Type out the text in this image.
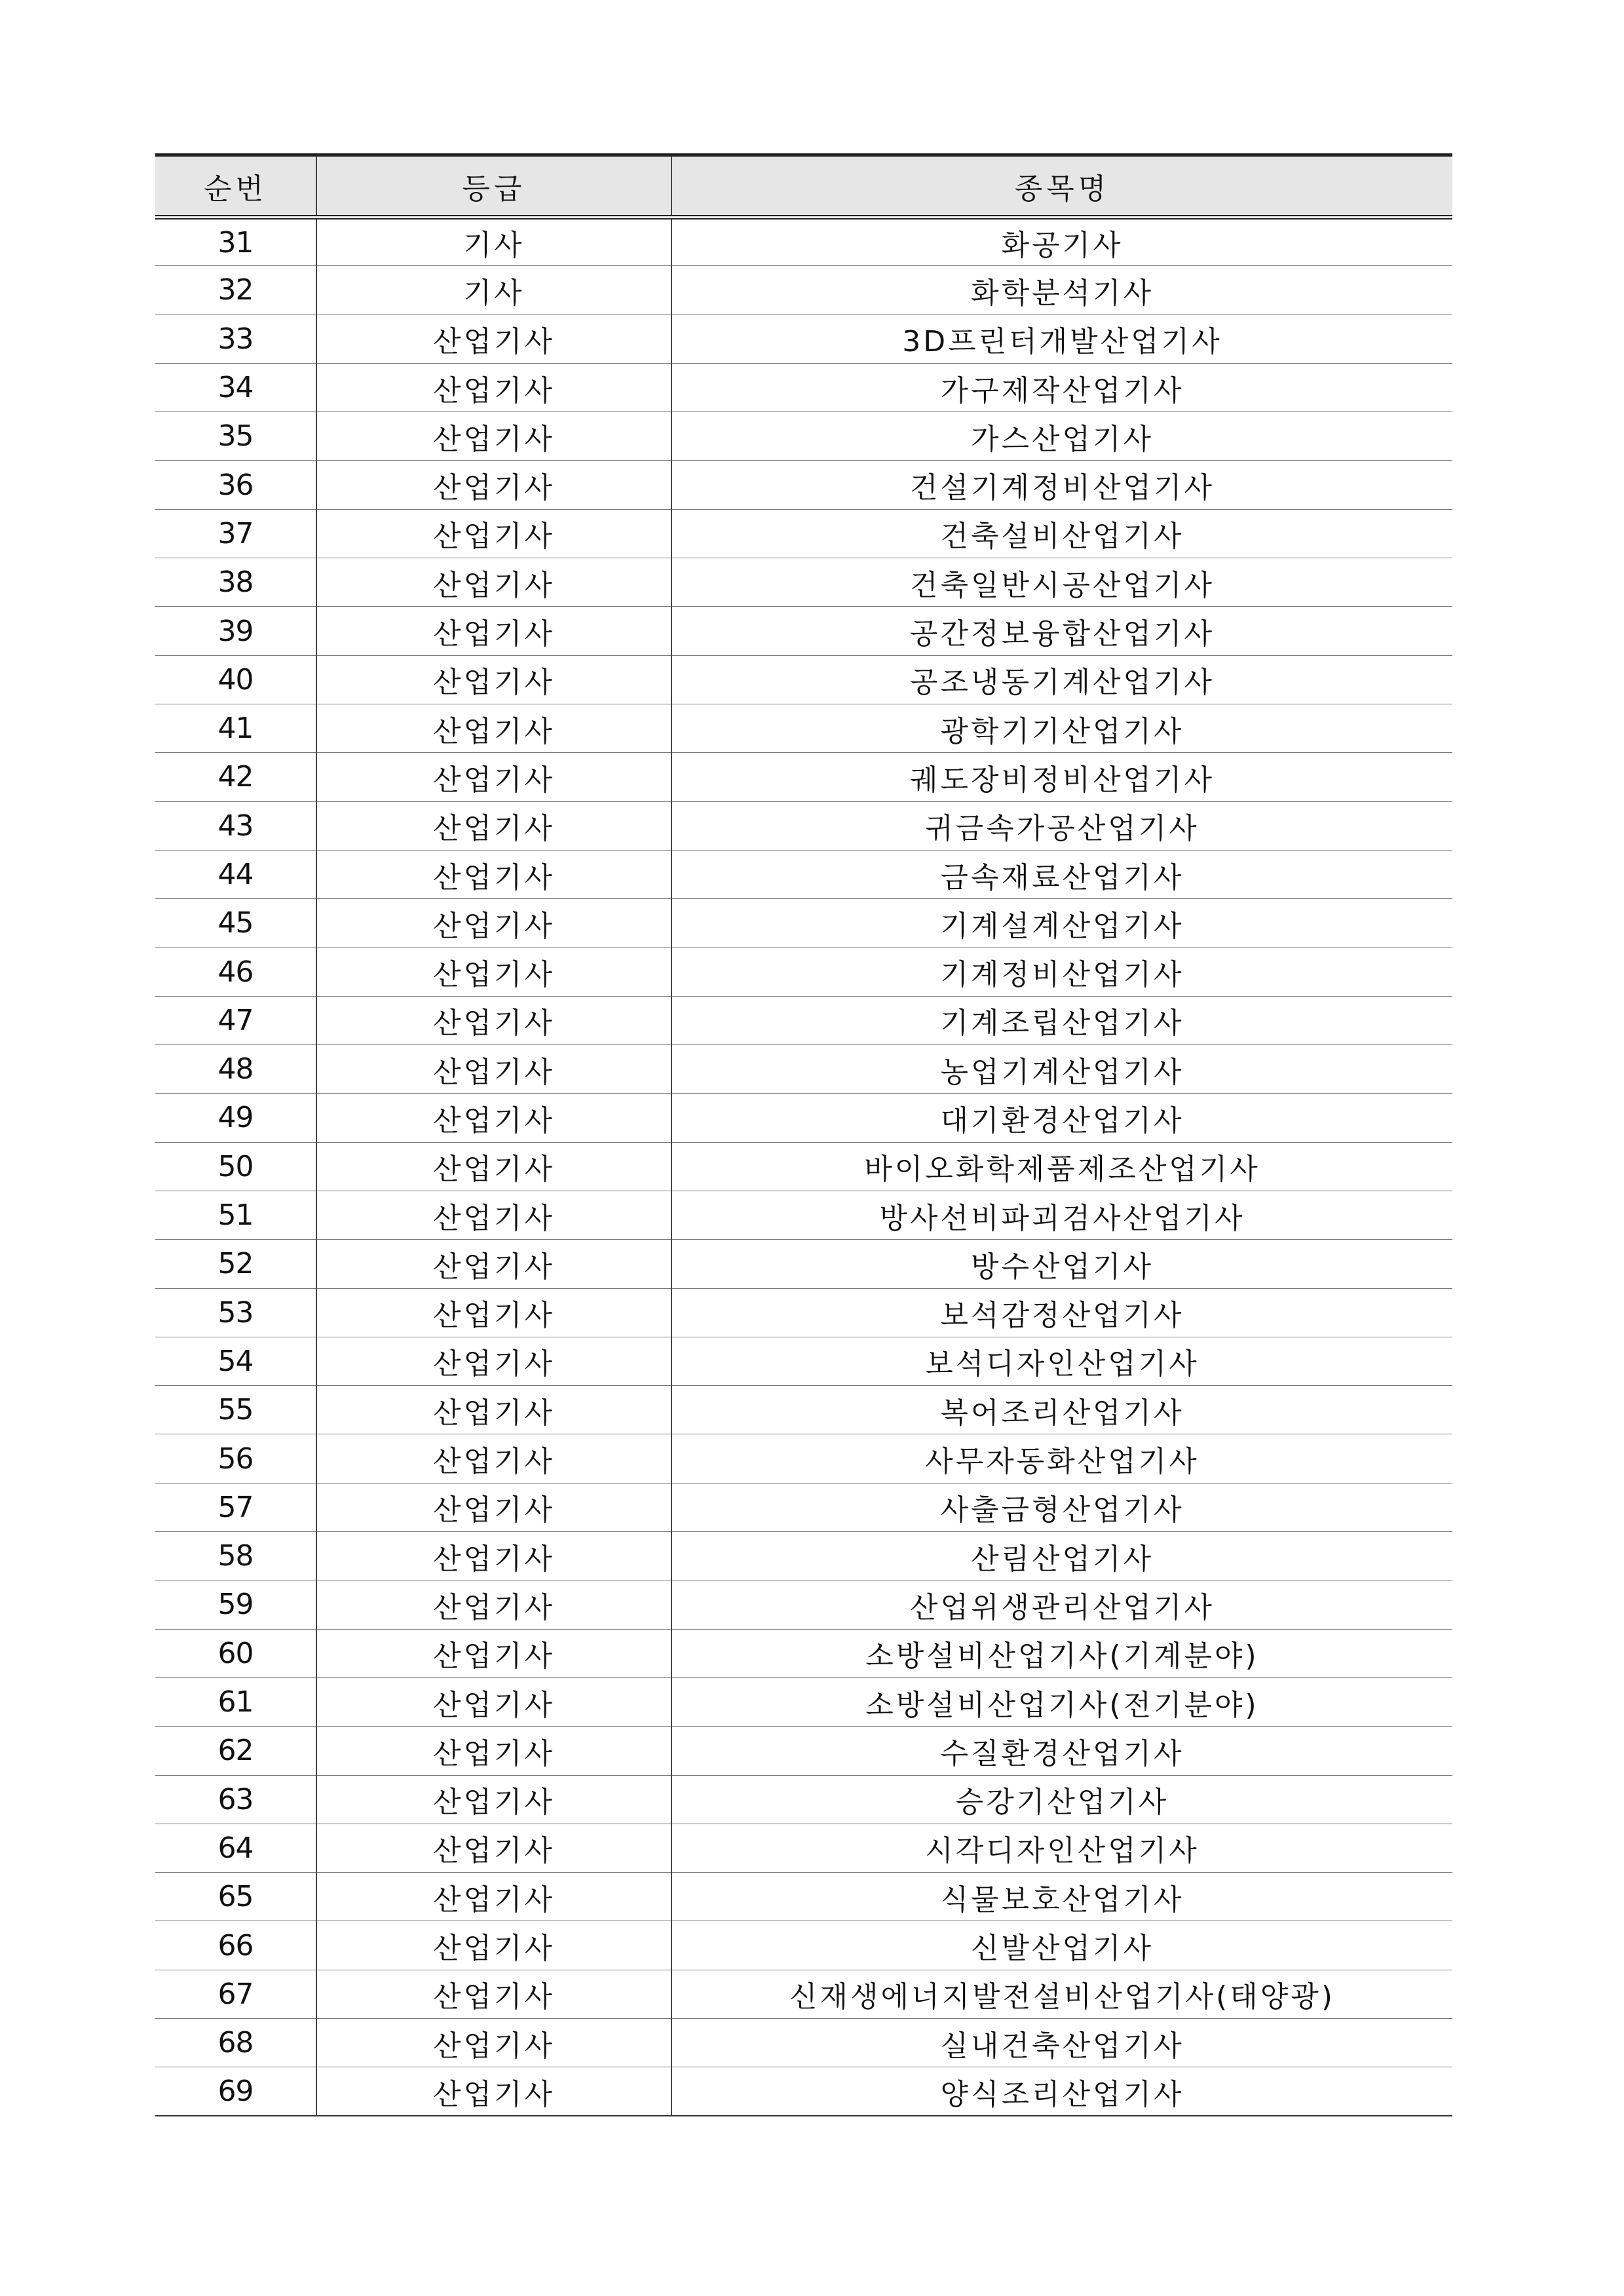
순번	등급	종목명
31	기사	화공기사
32	기사	화학분석기사
33	산업기사	3D프린터개발산업기사
34	산업기사	가구제작산업기사
35	산업기사	가스산업기사
36	산업기사	건설기계정비산업기사
37	산업기사	건축설비산업기사
38	산업기사	건축일반시공산업기사
39	산업기사	공간정보융합산업기사
40	산업기사	공조냉동기계산업기사
41	산업기사	광학기기산업기사
42	산업기사	궤도장비정비산업기사
43	산업기사	귀금속가공산업기사
44	산업기사	금속재료산업기사
45	산업기사	기계설계산업기사
46	산업기사	기계정비산업기사
47	산업기사	기계조립산업기사
48	산업기사	농업기계산업기사
49	산업기사	대기환경산업기사
50	산업기사	바이오화학제품제조산업기사
51	산업기사	방사선비파괴검사산업기사
52	산업기사	방수산업기사
53	산업기사	보석감정산업기사
54	산업기사	보석디자인산업기사
55	산업기사	복어조리산업기사
56	산업기사	사무자동화산업기사
57	산업기사	사출금형산업기사
58	산업기사	산림산업기사
59	산업기사	산업위생관리산업기사
60	산업기사	소방설비산업기사(기계분야)
61	산업기사	소방설비산업기사(전기분야)
62	산업기사	수질환경산업기사
63	산업기사	승강기산업기사
64	산업기사	시각디자인산업기사
65	산업기사	식물보호산업기사
66	산업기사	신발산업기사
67	산업기사	신재생에너지발전설비산업기사(태양광)
68	산업기사	실내건축산업기사
69	산업기사	양식조리산업기사
